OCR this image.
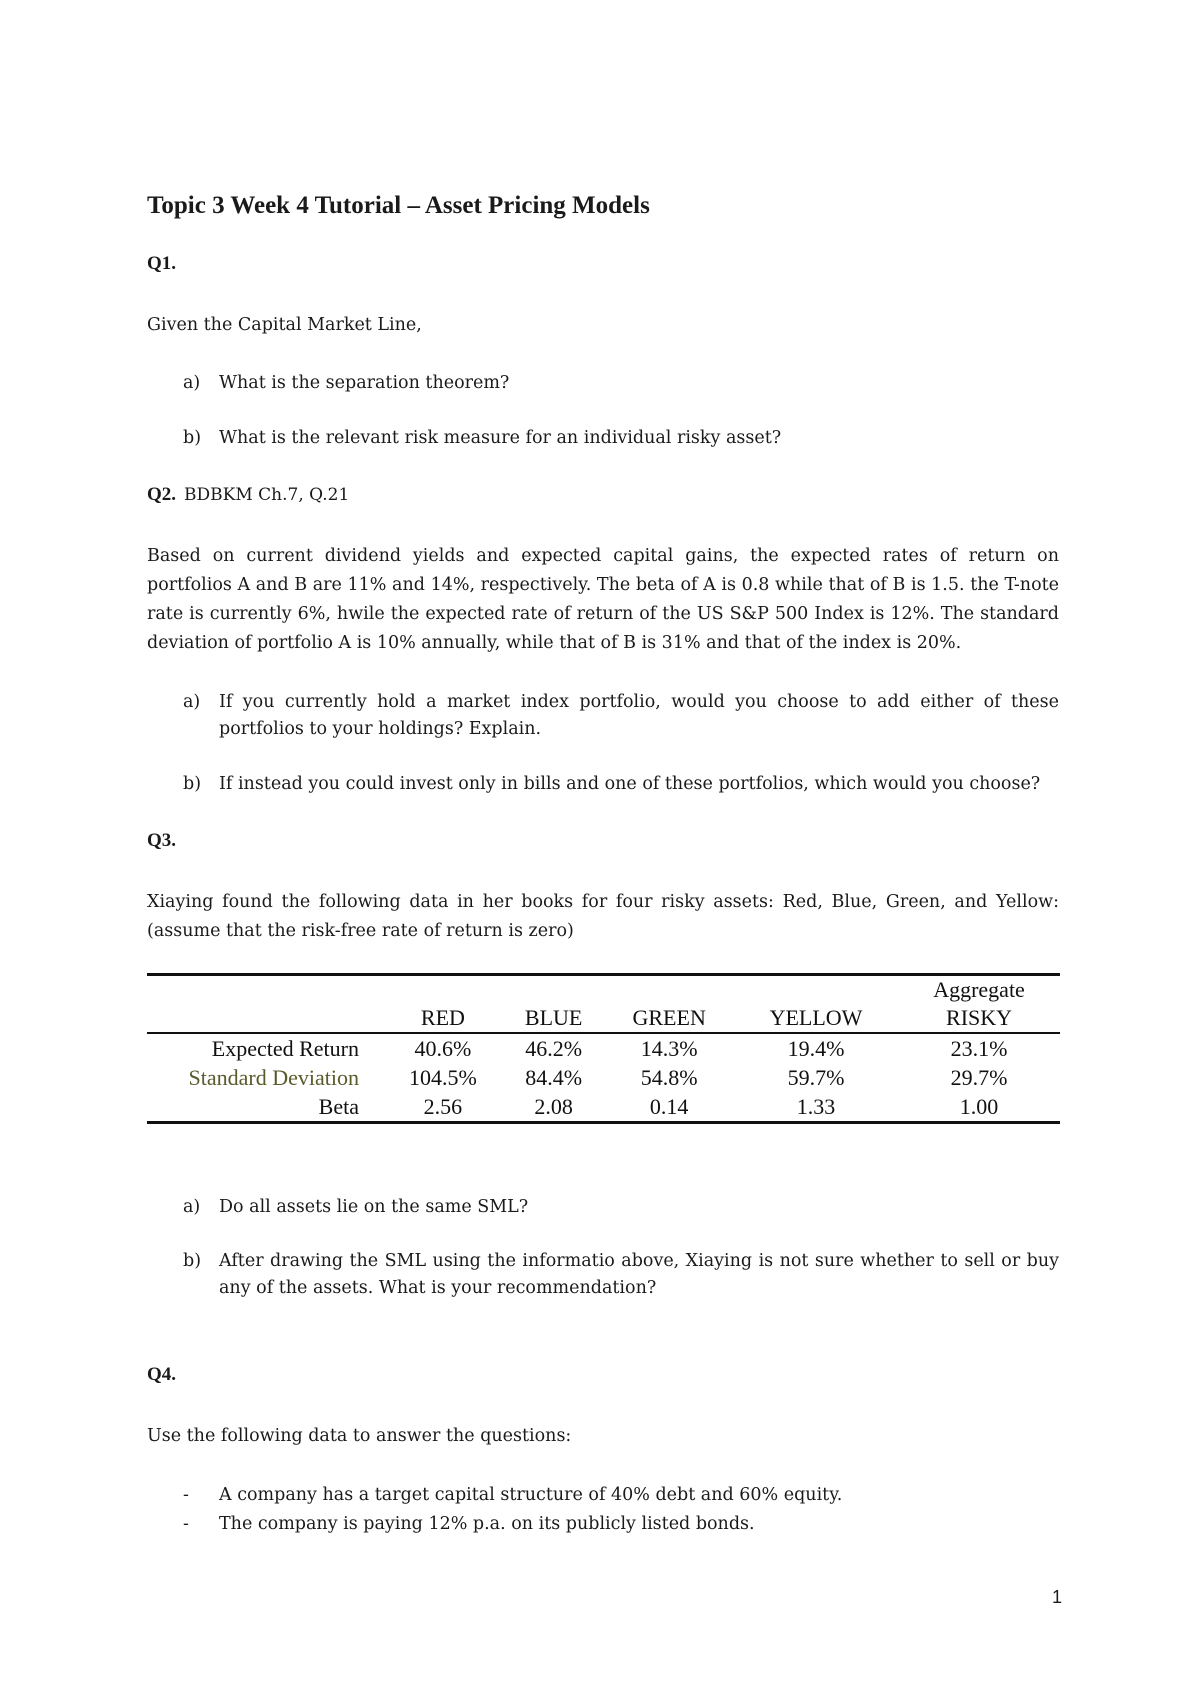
Topic 3 Week 4 Tutorial – Asset Pricing Models

Q1.

Given the Capital Market Line,

a)	What is the separation theorem?
b)	What is the relevant risk measure for an individual risky asset?

Q2. BDBKM Ch.7, Q.21

Based on current dividend yields and expected capital gains, the expected rates of return on portfolios A and B are 11% and 14%, respectively. The beta of A is 0.8 while that of B is 1.5. the T-note rate is currently 6%, hwile the expected rate of return of the US S&P 500 Index is 12%. The standard deviation of portfolio A is 10% annually, while that of B is 31% and that of the index is 20%.

a)	If you currently hold a market index portfolio, would you choose to add either of these portfolios to your holdings? Explain.
b)	If instead you could invest only in bills and one of these portfolios, which would you choose?

Q3.

Xiaying found the following data in her books for four risky assets: Red, Blue, Green, and Yellow: (assume that the risk-free rate of return is zero)

					Aggregate
	RED	BLUE	GREEN	YELLOW	RISKY
Expected Return	40.6%	46.2%	14.3%	19.4%	23.1%
Standard Deviation	104.5%	84.4%	54.8%	59.7%	29.7%
Beta	2.56	2.08	0.14	1.33	1.00
a)	Do all assets lie on the same SML?
b)	After drawing the SML using the informatio above, Xiaying is not sure whether to sell or buy any of the assets. What is your recommendation?

Q4.

Use the following data to answer the questions:

- A company has a target capital structure of 40% debt and 60% equity.
- The company is paying 12% p.a. on its publicly listed bonds.
1
